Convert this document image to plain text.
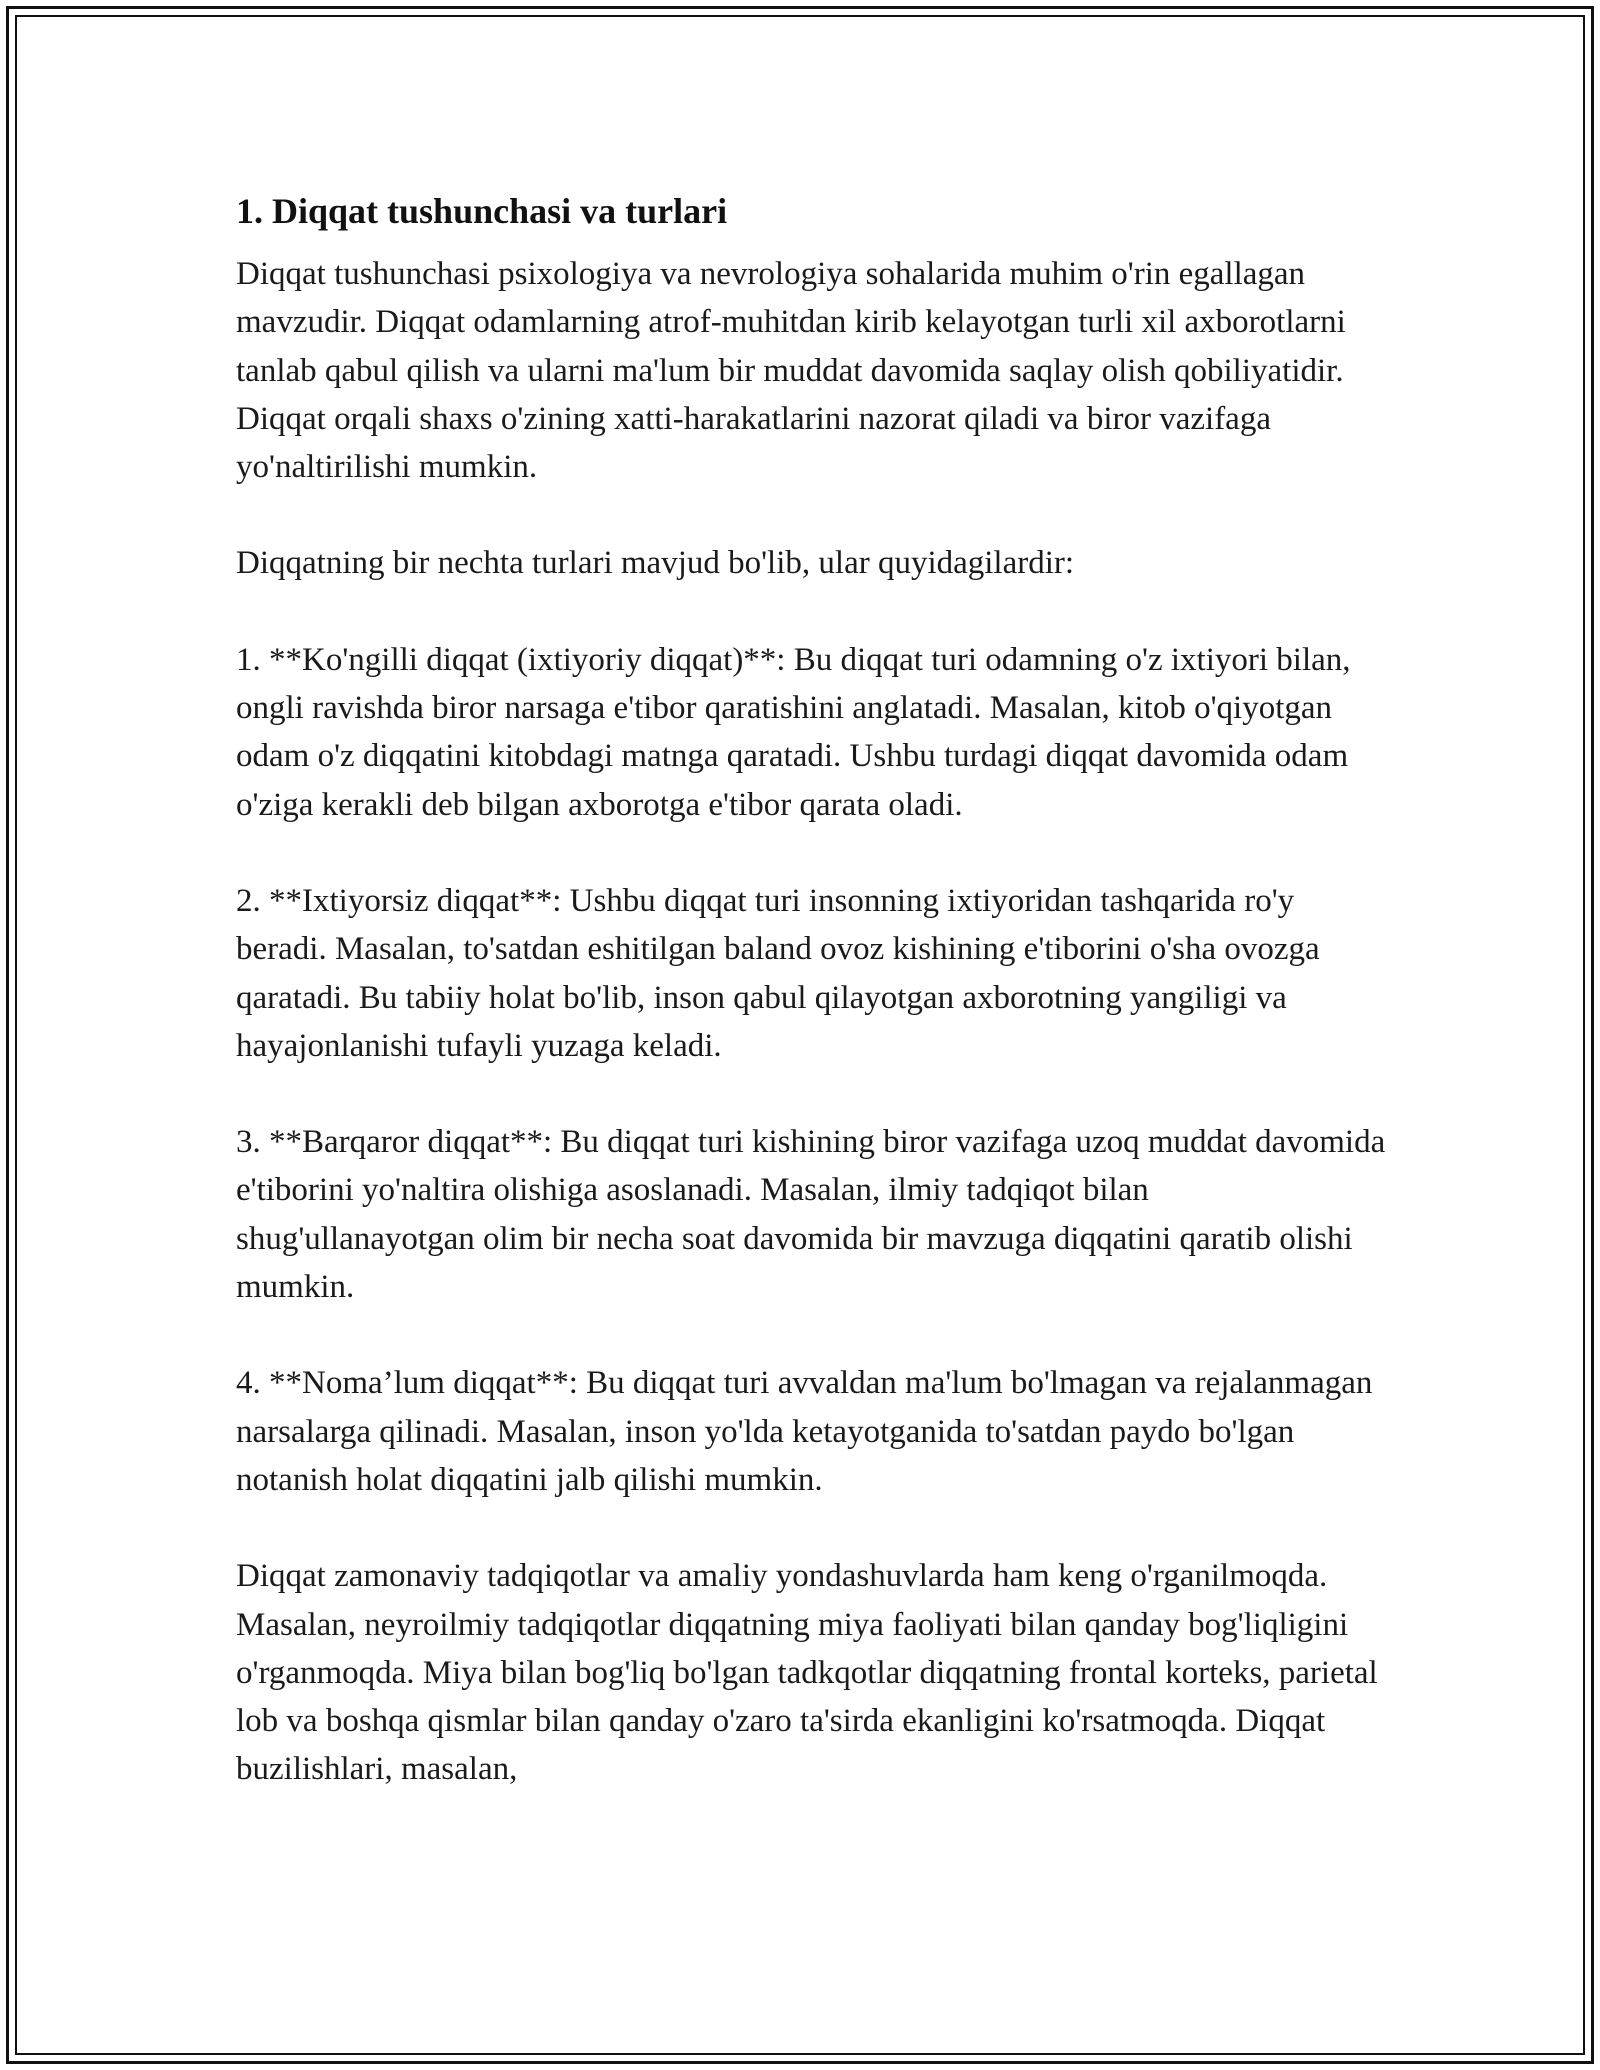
1. Diqqat tushunchasi va turlari

Diqqat tushunchasi psixologiya va nevrologiya sohalarida muhim o'rin egallagan mavzudir. Diqqat odamlarning atrof-muhitdan kirib kelayotgan turli xil axborotlarni tanlab qabul qilish va ularni ma'lum bir muddat davomida saqlay olish qobiliyatidir. Diqqat orqali shaxs o'zining xatti-harakatlarini nazorat qiladi va biror vazifaga yo'naltirilishi mumkin.

Diqqatning bir nechta turlari mavjud bo'lib, ular quyidagilardir:

1. **Ko'ngilli diqqat (ixtiyoriy diqqat)**: Bu diqqat turi odamning o'z ixtiyori bilan, ongli ravishda biror narsaga e'tibor qaratishini anglatadi. Masalan, kitob o'qiyotgan odam o'z diqqatini kitobdagi matnga qaratadi. Ushbu turdagi diqqat davomida odam o'ziga kerakli deb bilgan axborotga e'tibor qarata oladi.

2. **Ixtiyorsiz diqqat**: Ushbu diqqat turi insonning ixtiyoridan tashqarida ro'y beradi. Masalan, to'satdan eshitilgan baland ovoz kishining e'tiborini o'sha ovozga qaratadi. Bu tabiiy holat bo'lib, inson qabul qilayotgan axborotning yangiligi va hayajonlanishi tufayli yuzaga keladi.

3. **Barqaror diqqat**: Bu diqqat turi kishining biror vazifaga uzoq muddat davomida e'tiborini yo'naltira olishiga asoslanadi. Masalan, ilmiy tadqiqot bilan shug'ullanayotgan olim bir necha soat davomida bir mavzuga diqqatini qaratib olishi mumkin.

4. **Noma’lum diqqat**: Bu diqqat turi avvaldan ma'lum bo'lmagan va rejalanmagan narsalarga qilinadi. Masalan, inson yo'lda ketayotganida to'satdan paydo bo'lgan notanish holat diqqatini jalb qilishi mumkin.

Diqqat zamonaviy tadqiqotlar va amaliy yondashuvlarda ham keng o'rganilmoqda. Masalan, neyroilmiy tadqiqotlar diqqatning miya faoliyati bilan qanday bog'liqligini o'rganmoqda. Miya bilan bog'liq bo'lgan tadkqotlar diqqatning frontal korteks, parietal lob va boshqa qismlar bilan qanday o'zaro ta'sirda ekanligini ko'rsatmoqda. Diqqat buzilishlari, masalan,
